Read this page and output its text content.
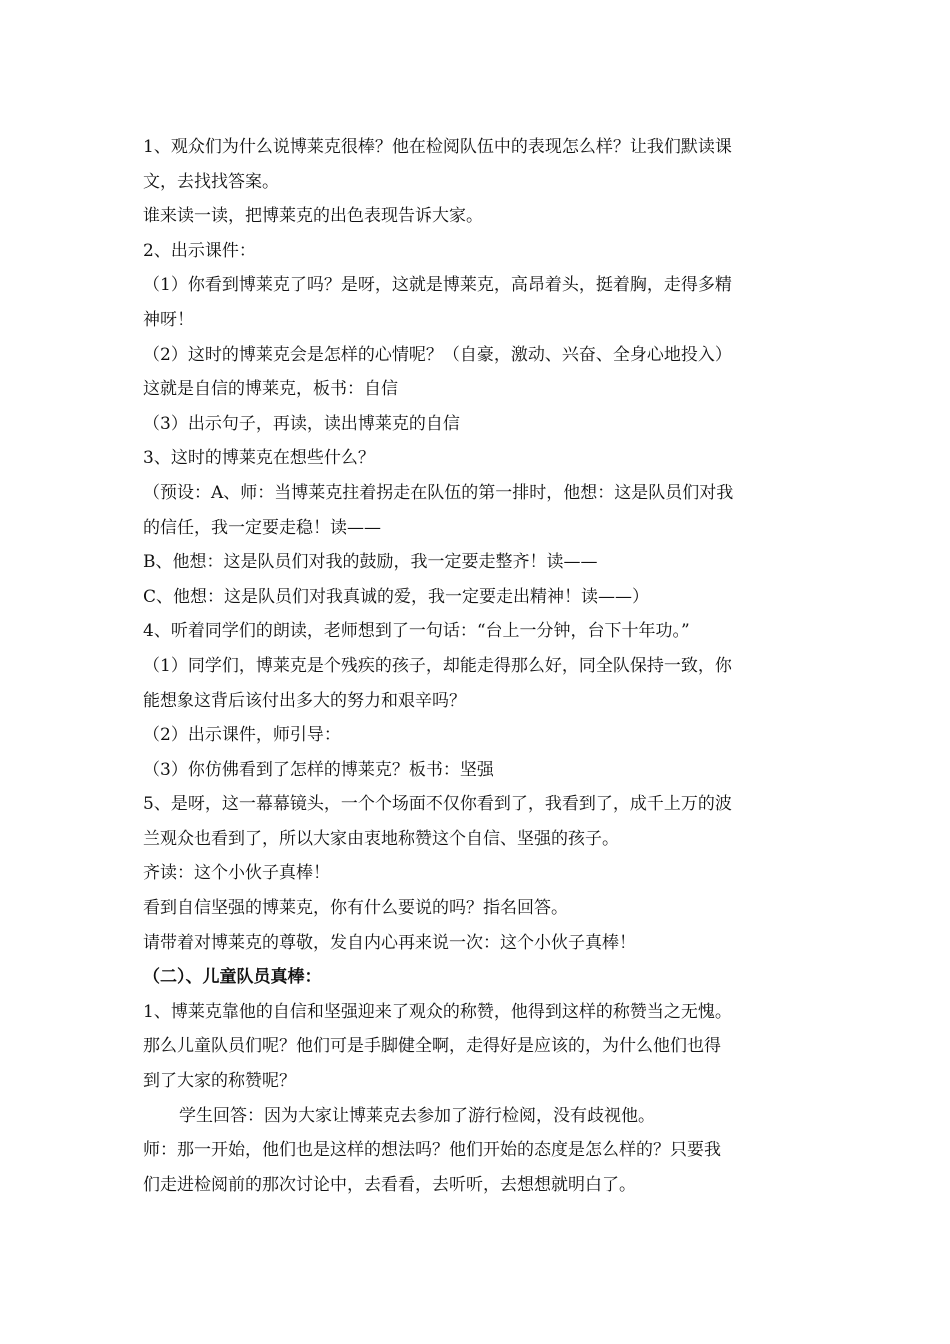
1、观众们为什么说博莱克很棒？他在检阅队伍中的表现怎么样？让我们默读课
文，去找找答案。
谁来读一读，把博莱克的出色表现告诉大家。
2、出示课件：
（1）你看到博莱克了吗？是呀，这就是博莱克，高昂着头，挺着胸，走得多精
神呀！
（2）这时的博莱克会是怎样的心情呢？（自豪，激动、兴奋、全身心地投入）
这就是自信的博莱克，板书：自信
（3）出示句子，再读，读出博莱克的自信
3、这时的博莱克在想些什么？
（预设：A、师：当博莱克拄着拐走在队伍的第一排时，他想：这是队员们对我
的信任，我一定要走稳！读——
B、他想：这是队员们对我的鼓励，我一定要走整齐！读——
C、他想：这是队员们对我真诚的爱，我一定要走出精神！读——）
4、听着同学们的朗读，老师想到了一句话：“台上一分钟，台下十年功。”
（1）同学们，博莱克是个残疾的孩子，却能走得那么好，同全队保持一致，你
能想象这背后该付出多大的努力和艰辛吗？
（2）出示课件，师引导：
（3）你仿佛看到了怎样的博莱克？板书：坚强
5、是呀，这一幕幕镜头，一个个场面不仅你看到了，我看到了，成千上万的波
兰观众也看到了，所以大家由衷地称赞这个自信、坚强的孩子。
齐读：这个小伙子真棒！
看到自信坚强的博莱克，你有什么要说的吗？指名回答。
请带着对博莱克的尊敬，发自内心再来说一次：这个小伙子真棒！
（二）、儿童队员真棒：
1、博莱克靠他的自信和坚强迎来了观众的称赞，他得到这样的称赞当之无愧。
那么儿童队员们呢？他们可是手脚健全啊，走得好是应该的，为什么他们也得
到了大家的称赞呢？
学生回答：因为大家让博莱克去参加了游行检阅，没有歧视他。
师：那一开始，他们也是这样的想法吗？他们开始的态度是怎么样的？只要我
们走进检阅前的那次讨论中，去看看，去听听，去想想就明白了。
